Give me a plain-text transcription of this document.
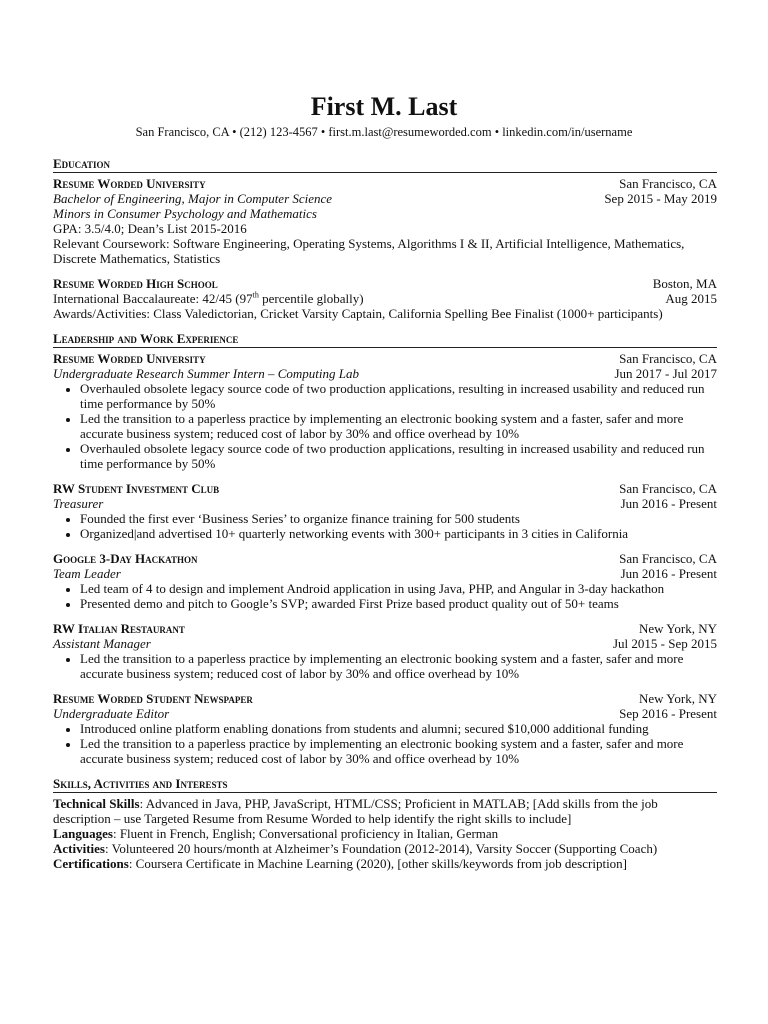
First M. Last
San Francisco, CA • (212) 123-4567 • first.m.last@resumeworded.com • linkedin.com/in/username
Education
Resume Worded University	San Francisco, CA
Bachelor of Engineering, Major in Computer Science	Sep 2015 - May 2019
Minors in Consumer Psychology and Mathematics
GPA: 3.5/4.0; Dean’s List 2015-2016
Relevant Coursework: Software Engineering, Operating Systems, Algorithms I & II, Artificial Intelligence, Mathematics, Discrete Mathematics, Statistics
Resume Worded High School	Boston, MA
International Baccalaureate: 42/45 (97th percentile globally)	Aug 2015
Awards/Activities: Class Valedictorian, Cricket Varsity Captain, California Spelling Bee Finalist (1000+ participants)
Leadership and Work Experience
Resume Worded University	San Francisco, CA
Undergraduate Research Summer Intern – Computing Lab	Jun 2017 - Jul 2017
• Overhauled obsolete legacy source code of two production applications, resulting in increased usability and reduced run time performance by 50%
• Led the transition to a paperless practice by implementing an electronic booking system and a faster, safer and more accurate business system; reduced cost of labor by 30% and office overhead by 10%
• Overhauled obsolete legacy source code of two production applications, resulting in increased usability and reduced run time performance by 50%
RW Student Investment Club	San Francisco, CA
Treasurer	Jun 2016 - Present
• Founded the first ever ‘Business Series’ to organize finance training for 500 students
• Organized|and advertised 10+ quarterly networking events with 300+ participants in 3 cities in California
Google 3-Day Hackathon	San Francisco, CA
Team Leader	Jun 2016 - Present
• Led team of 4 to design and implement Android application in using Java, PHP, and Angular in 3-day hackathon
• Presented demo and pitch to Google’s SVP; awarded First Prize based product quality out of 50+ teams
RW Italian Restaurant	New York, NY
Assistant Manager	Jul 2015 - Sep 2015
• Led the transition to a paperless practice by implementing an electronic booking system and a faster, safer and more accurate business system; reduced cost of labor by 30% and office overhead by 10%
Resume Worded Student Newspaper	New York, NY
Undergraduate Editor	Sep 2016 - Present
• Introduced online platform enabling donations from students and alumni; secured $10,000 additional funding
• Led the transition to a paperless practice by implementing an electronic booking system and a faster, safer and more accurate business system; reduced cost of labor by 30% and office overhead by 10%
Skills, Activities and Interests

Technical Skills: Advanced in Java, PHP, JavaScript, HTML/CSS; Proficient in MATLAB; [Add skills from the job description – use Targeted Resume from Resume Worded to help identify the right skills to include]

Languages: Fluent in French, English; Conversational proficiency in Italian, German

Activities: Volunteered 20 hours/month at Alzheimer’s Foundation (2012-2014), Varsity Soccer (Supporting Coach)

Certifications: Coursera Certificate in Machine Learning (2020), [other skills/keywords from job description]
